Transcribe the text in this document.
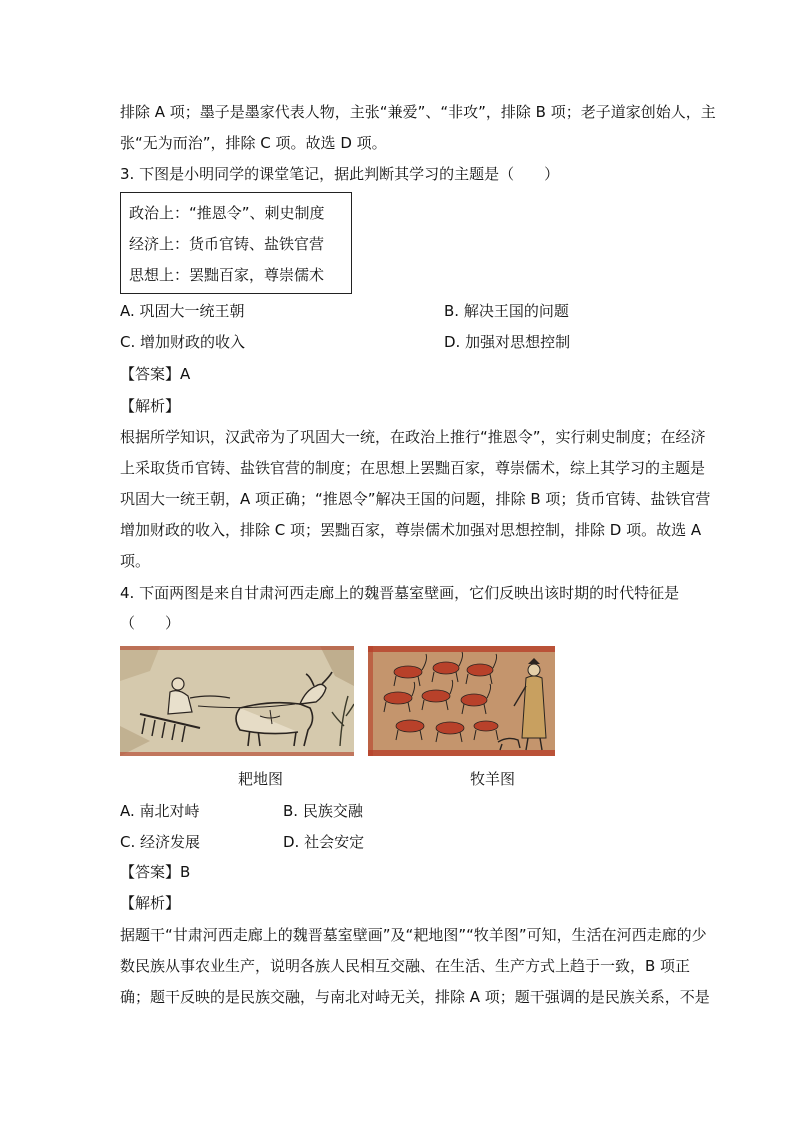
排除 A 项；墨子是墨家代表人物，主张“兼爱”、“非攻”，排除 B 项；老子道家创始人，主
张“无为而治”，排除 C 项。故选 D 项。
3. 下图是小明同学的课堂笔记，据此判断其学习的主题是（　　）
政治上：“推恩令”、刺史制度
经济上：货币官铸、盐铁官营
思想上：罢黜百家，尊崇儒术
A. 巩固大一统王朝	B. 解决王国的问题
C. 增加财政的收入	D. 加强对思想控制
【答案】A
【解析】
根据所学知识，汉武帝为了巩固大一统，在政治上推行“推恩令”，实行刺史制度；在经济
上采取货币官铸、盐铁官营的制度；在思想上罢黜百家，尊崇儒术，综上其学习的主题是
巩固大一统王朝，A 项正确；“推恩令”解决王国的问题，排除 B 项；货币官铸、盐铁官营
增加财政的收入，排除 C 项；罢黜百家，尊崇儒术加强对思想控制，排除 D 项。故选 A
项。
4. 下面两图是来自甘肃河西走廊上的魏晋墓室壁画，它们反映出该时期的时代特征是
（　　）
耙地图	牧羊图
A. 南北对峙	B. 民族交融
C. 经济发展	D. 社会安定
【答案】B
【解析】
据题干“甘肃河西走廊上的魏晋墓室壁画”及“耙地图”“牧羊图”可知，生活在河西走廊的少
数民族从事农业生产，说明各族人民相互交融、在生活、生产方式上趋于一致，B 项正
确；题干反映的是民族交融，与南北对峙无关，排除 A 项；题干强调的是民族关系，不是
